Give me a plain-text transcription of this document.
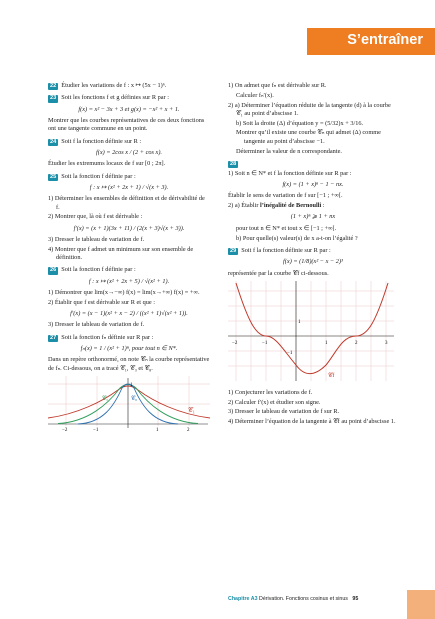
S’entraîner
22 Étudier les variations de f : x ↦ (5x − 1)⁶.
23 Soit les fonctions f et g définies sur R par :
f(x) = x² − 3x + 3 et g(x) = −x² + x + 1.
Montrer que les courbes représentatives de ces deux fonctions ont une tangente commune en un point.
24 Soit f la fonction définie sur R :
f(x) = 2cos x / (2 + cos x).
Étudier les extremums locaux de f sur [0 ; 2π].
25 Soit la fonction f définie par :
f : x ↦ (x² + 2x + 1) / √(x + 3).
1) Déterminer les ensembles de définition et de dérivabilité de f.
2) Montrer que, là où f est dérivable :
f′(x) = (x + 1)(3x + 11) / (2(x + 3)√(x + 3)).
3) Dresser le tableau de variation de f.
4) Montrer que f admet un minimum sur son ensemble de définition.
26 Soit la fonction f définie par :
f : x ↦ (x² + 2x + 5) / √(x² + 1).
1) Démontrer que lim(x→−∞) f(x) = lim(x→+∞) f(x) = +∞.
2) Établir que f est dérivable sur R et que :
f′(x) = (x − 1)(x² + x − 2) / ((x² + 1)√(x² + 1)).
3) Dresser le tableau de variation de f.
27 Soit la fonction fₙ définie sur R par :
fₙ(x) = 1 / (x² + 1)ⁿ, pour tout n ∈ N*.
Dans un repère orthonormé, on note 𝒞ₙ la courbe représentative de fₙ. Ci-dessous, on a tracé 𝒞₁, 𝒞₃ et 𝒞₈.
𝒞₁
𝒞₃	𝒞₈
−2	−1	1	2
1
1) On admet que fₙ est dérivable sur R.
Calculer fₙ′(x).
2) a) Déterminer l’équation réduite de la tangente (d) à la courbe 𝒞₁ au point d’abscisse 1.
b) Soit la droite (Δ) d’équation y = (5/32)x + 3/16.
Montrer qu’il existe une courbe 𝒞ₙ qui admet (Δ) comme tangente au point d’abscisse −1.
Déterminer la valeur de n correspondante.
28
1) Soit n ∈ N* et f la fonction définie sur R par :
f(x) = (1 + x)ⁿ − 1 − nx.
Établir le sens de variation de f sur [−1 ; +∞[.
2) a) Établir l’inégalité de Bernoulli :
(1 + x)ⁿ ⩾ 1 + nx
pour tout n ∈ N* et tout x ∈ [−1 ; +∞[.
b) Pour quelle(s) valeur(s) de x a-t-on l’égalité ?
29 Soit f la fonction définie sur R par :
f(x) = (1/8)(x² − x − 2)³
représentée par la courbe 𝒞f ci-dessous.
𝒞f
−2	−1	1	2	3
1
−1
1) Conjecturer les variations de f.
2) Calculer f′(x) et étudier son signe.
3) Dresser le tableau de variation de f sur R.
4) Déterminer l’équation de la tangente à 𝒞f au point d’abscisse 1.
Chapitre A3 Dérivation. Fonctions cosinus et sinus 95
